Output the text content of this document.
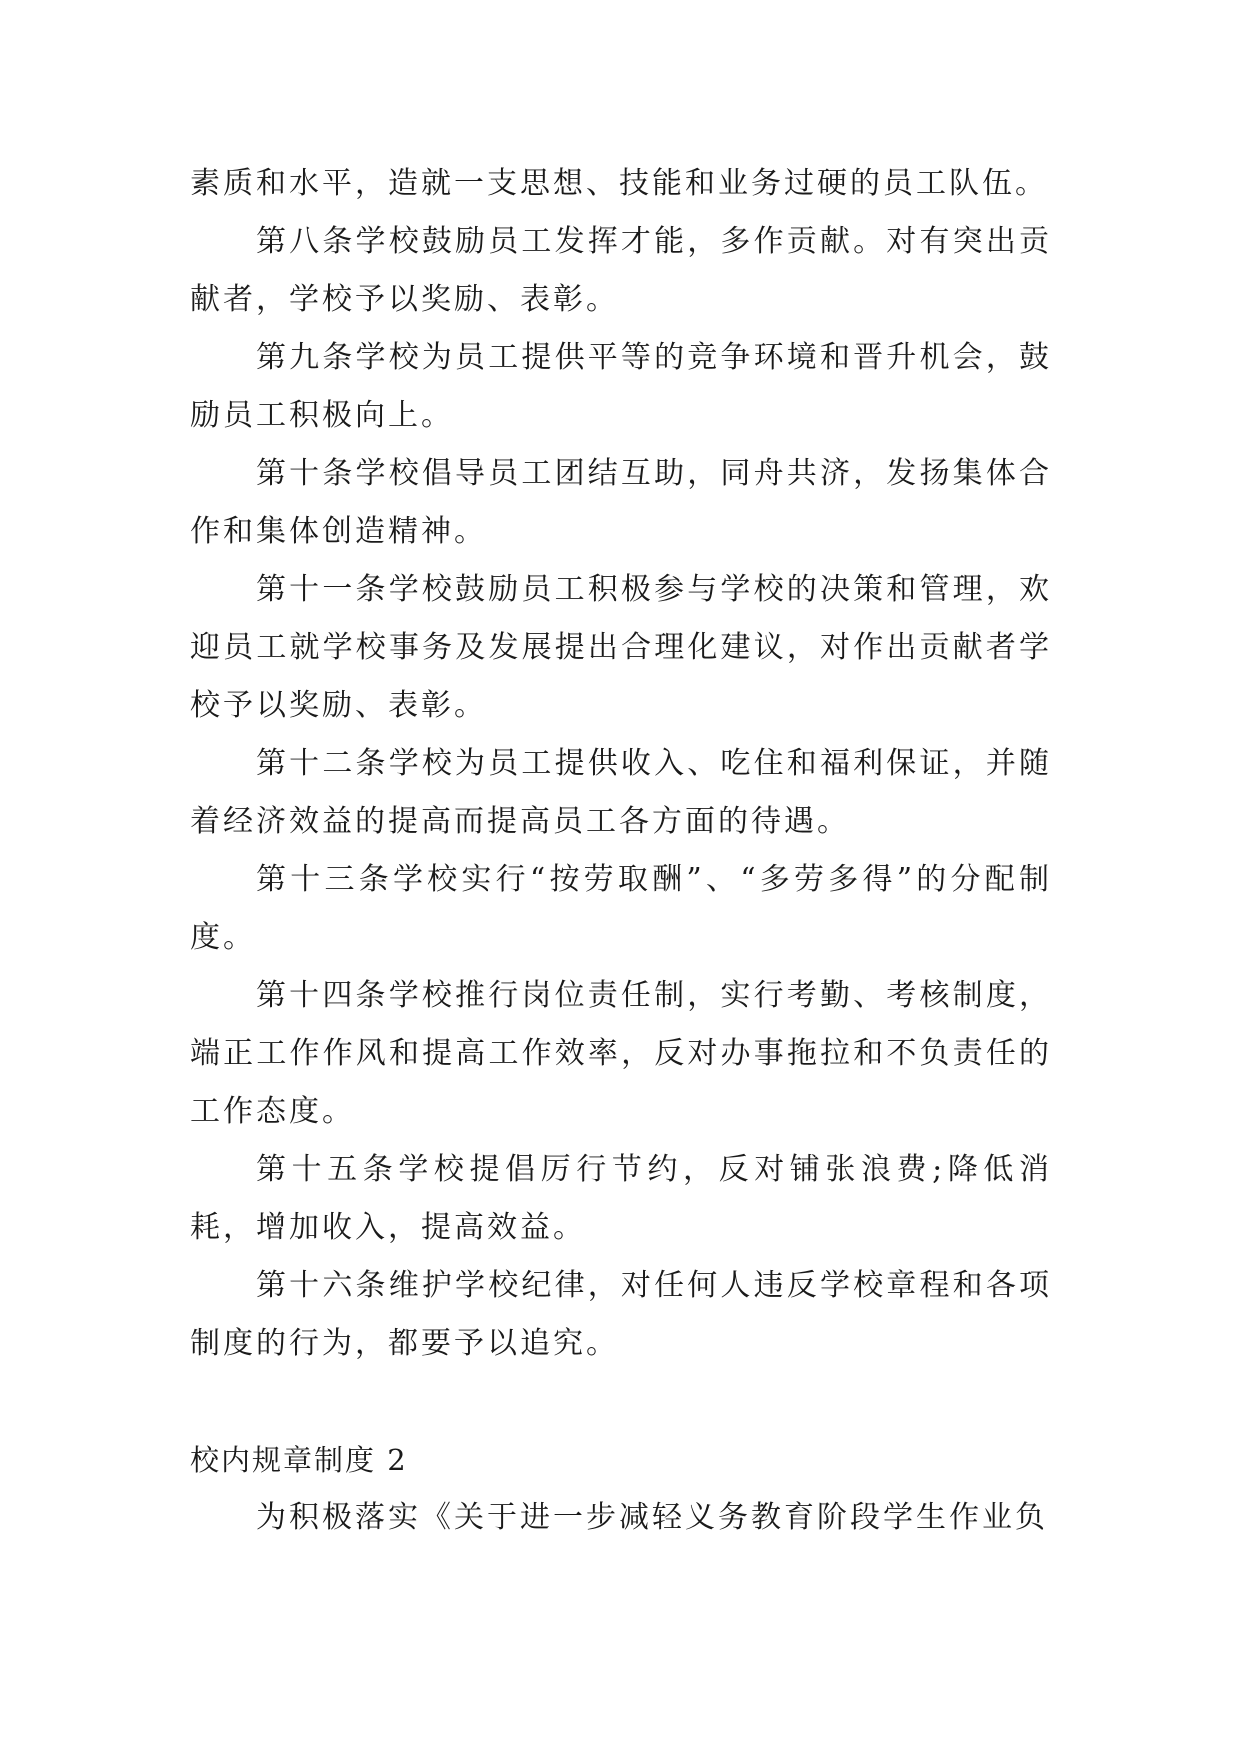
素质和水平，造就一支思想、技能和业务过硬的员工队伍。

第八条学校鼓励员工发挥才能，多作贡献。对有突出贡献者，学校予以奖励、表彰。

第九条学校为员工提供平等的竞争环境和晋升机会，鼓励员工积极向上。

第十条学校倡导员工团结互助，同舟共济，发扬集体合作和集体创造精神。

第十一条学校鼓励员工积极参与学校的决策和管理，欢迎员工就学校事务及发展提出合理化建议，对作出贡献者学校予以奖励、表彰。

第十二条学校为员工提供收入、吃住和福利保证，并随着经济效益的提高而提高员工各方面的待遇。

第十三条学校实行“按劳取酬”、“多劳多得”的分配制度。

第十四条学校推行岗位责任制，实行考勤、考核制度，端正工作作风和提高工作效率，反对办事拖拉和不负责任的工作态度。

第十五条学校提倡厉行节约，反对铺张浪费;降低消耗，增加收入，提高效益。

第十六条维护学校纪律，对任何人违反学校章程和各项制度的行为，都要予以追究。

校内规章制度 2

为积极落实《关于进一步减轻义务教育阶段学生作业负
